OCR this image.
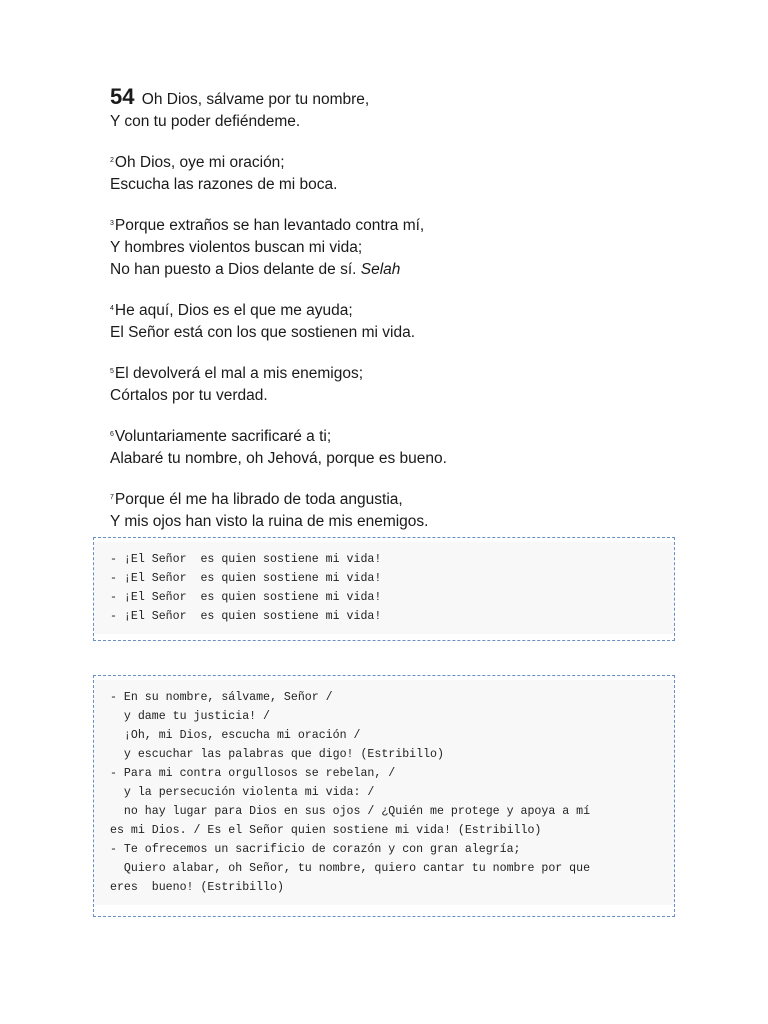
54 Oh Dios, sálvame por tu nombre,
Y con tu poder defiéndeme.
$^2$Oh Dios, oye mi oración;
Escucha las razones de mi boca.
$^3$Porque extraños se han levantado contra mí,
Y hombres violentos buscan mi vida;
No han puesto a Dios delante de sí. Selah
$^4$He aquí, Dios es el que me ayuda;
El Señor está con los que sostienen mi vida.
$^5$El devolverá el mal a mis enemigos;
Córtalos por tu verdad.
$^6$Voluntariamente sacrificaré a ti;
Alabaré tu nombre, oh Jehová, porque es bueno.
$^7$Porque él me ha librado de toda angustia,
Y mis ojos han visto la ruina de mis enemigos.
- ¡El Señor  es quien sostiene mi vida!
- ¡El Señor  es quien sostiene mi vida!
- ¡El Señor  es quien sostiene mi vida!
- ¡El Señor  es quien sostiene mi vida!
- En su nombre, sálvame, Señor /
y dame tu justicia! /
¡Oh, mi Dios, escucha mi oración /
y escuchar las palabras que digo! (Estribillo)
- Para mi contra orgullosos se rebelan, /
y la persecución violenta mi vida: /
no hay lugar para Dios en sus ojos / ¿Quién me protege y apoya a mí
es mi Dios. / Es el Señor quien sostiene mi vida! (Estribillo)
- Te ofrecemos un sacrificio de corazón y con gran alegría;
Quiero alabar, oh Señor, tu nombre, quiero cantar tu nombre por que
eres  bueno! (Estribillo)
